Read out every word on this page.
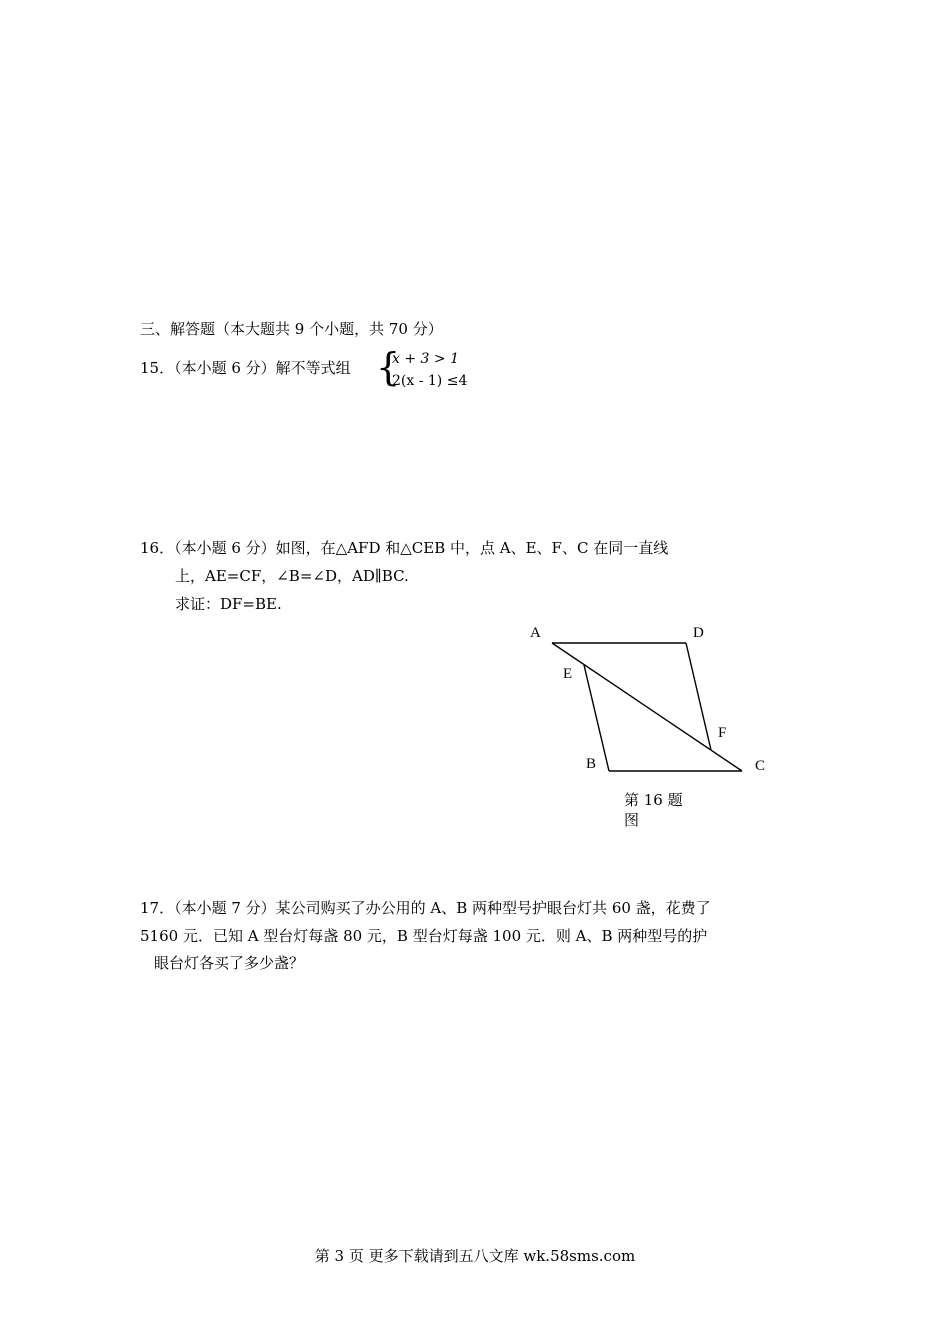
三、解答题（本大题共 9 个小题，共 70 分）
15．（本小题 6 分）解不等式组 {
x + 3 > 1
2(x - 1) ≤4
16．（本小题 6 分）如图，在△AFD 和△CEB 中，点 A、E、F、C 在同一直线
上，AE=CF，∠B=∠D，AD∥BC.
求证：DF=BE.
A	D
E
F
B	C
第 16 题
图
17．（本小题 7 分）某公司购买了办公用的 A、B 两种型号护眼台灯共 60 盏，花费了
5160 元．已知 A 型台灯每盏 80 元，B 型台灯每盏 100 元．则 A、B 两种型号的护
眼台灯各买了多少盏？
第 3 页 更多下载请到五八文库 wk.58sms.com
